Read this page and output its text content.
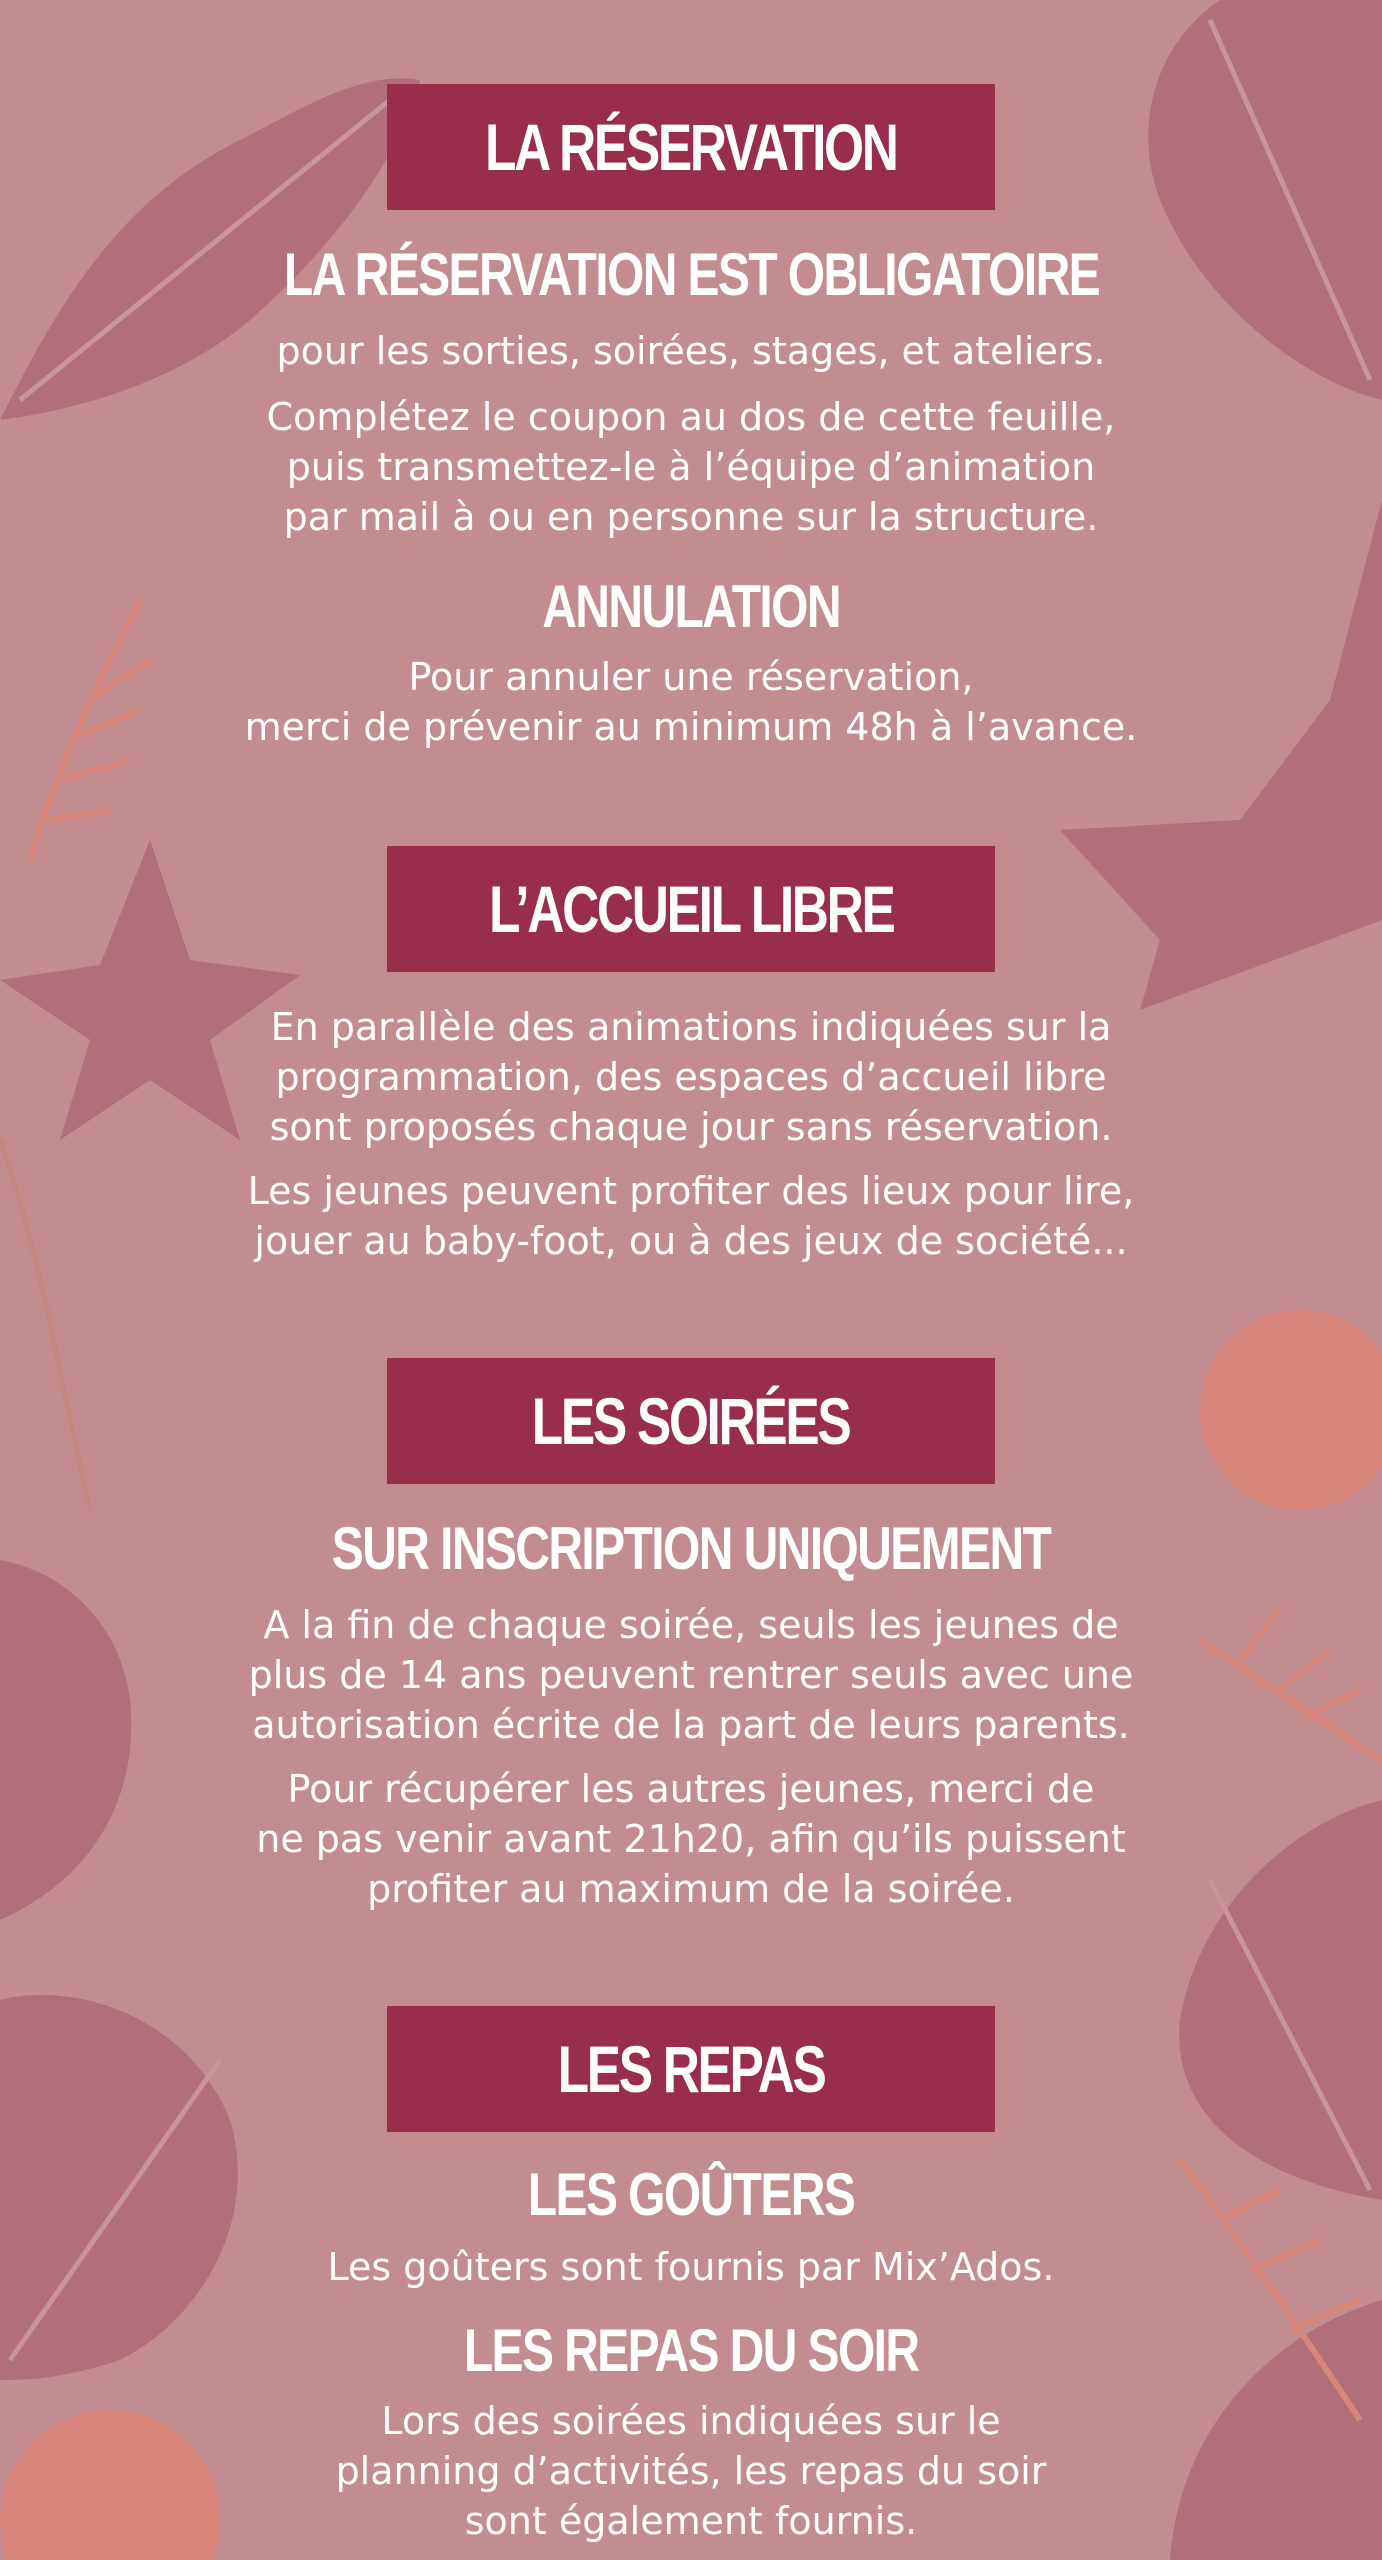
LA RÉSERVATION
LA RÉSERVATION EST OBLIGATOIRE
pour les sorties, soirées, stages, et ateliers.
Complétez le coupon au dos de cette feuille,
puis transmettez-le à l’équipe d’animation
par mail à ou en personne sur la structure.
ANNULATION
Pour annuler une réservation,
merci de prévenir au minimum 48h à l’avance.
L’ACCUEIL LIBRE
En parallèle des animations indiquées sur la
programmation, des espaces d’accueil libre
sont proposés chaque jour sans réservation.
Les jeunes peuvent profiter des lieux pour lire,
jouer au baby-foot, ou à des jeux de société...
LES SOIRÉES
SUR INSCRIPTION UNIQUEMENT
A la fin de chaque soirée, seuls les jeunes de
plus de 14 ans peuvent rentrer seuls avec une
autorisation écrite de la part de leurs parents.
Pour récupérer les autres jeunes, merci de
ne pas venir avant 21h20, afin qu’ils puissent
profiter au maximum de la soirée.
LES REPAS
LES GOÛTERS
Les goûters sont fournis par Mix’Ados.
LES REPAS DU SOIR
Lors des soirées indiquées sur le
planning d’activités, les repas du soir
sont également fournis.
